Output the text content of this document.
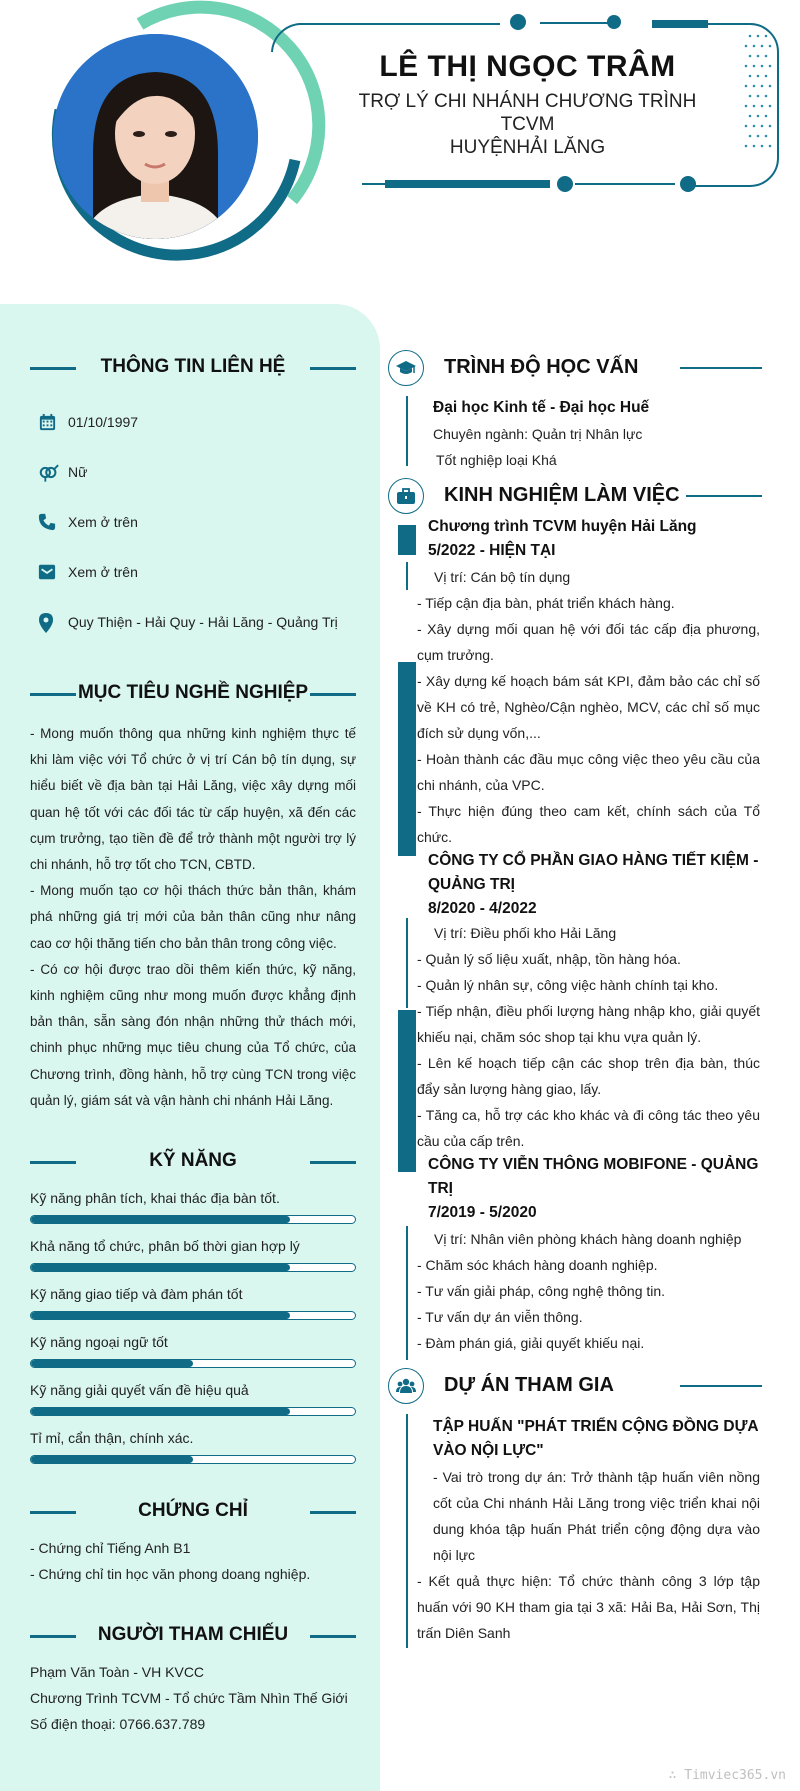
LÊ THỊ NGỌC TRÂM
TRỢ LÝ CHI NHÁNH CHƯƠNG TRÌNH TCVM
HUYỆNHẢI LĂNG
THÔNG TIN LIÊN HỆ
01/10/1997
Nữ
Xem ở trên
Xem ở trên
Quy Thiện - Hải Quy - Hải Lăng - Quảng Trị
MỤC TIÊU NGHỀ NGHIỆP

- Mong muốn thông qua những kinh nghiệm thực tế khi làm việc với Tổ chức ở vị trí Cán bộ tín dụng, sự hiểu biết về địa bàn tại Hải Lăng, việc xây dựng mối quan hệ tốt với các đối tác từ cấp huyện, xã đến các cụm trưởng, tạo tiền đề để trở thành một người trợ lý chi nhánh, hỗ trợ tốt cho TCN, CBTD.

- Mong muốn tạo cơ hội thách thức bản thân, khám phá những giá trị mới của bản thân cũng như nâng cao cơ hội thăng tiến cho bản thân trong công việc.

- Có cơ hội được trao dồi thêm kiến thức, kỹ năng, kinh nghiệm cũng như mong muốn được khẳng định bản thân, sẵn sàng đón nhận những thử thách mới, chinh phục những mục tiêu chung của Tổ chức, của Chương trình, đồng hành, hỗ trợ cùng TCN trong việc quản lý, giám sát và vận hành chi nhánh Hải Lăng.

KỸ NĂNG
Kỹ năng phân tích, khai thác địa bàn tốt.
Khả năng tổ chức, phân bố thời gian hợp lý
Kỹ năng giao tiếp và đàm phán tốt
Kỹ năng ngoại ngữ tốt
Kỹ năng giải quyết vấn đề hiệu quả
Tỉ mỉ, cẩn thận, chính xác.
CHỨNG CHỈ
- Chứng chỉ Tiếng Anh B1
- Chứng chỉ tin học văn phong doang nghiệp.
NGƯỜI THAM CHIẾU
Phạm Văn Toàn - VH KVCC
Chương Trình TCVM - Tổ chức Tầm Nhìn Thế Giới
Số điện thoại: 0766.637.789
TRÌNH ĐỘ HỌC VẤN
Đại học Kinh tế - Đại học Huế
Chuyên ngành: Quản trị Nhân lực
Tốt nghiệp loại Khá
KINH NGHIỆM LÀM VIỆC
Chương trình TCVM huyện Hải Lăng
5/2022 - HIỆN TẠI
Vị trí: Cán bộ tín dụng

- Tiếp cận địa bàn, phát triển khách hàng.

- Xây dựng mối quan hệ với đối tác cấp địa phương, cụm trưởng.

- Xây dựng kế hoạch bám sát KPI, đảm bảo các chỉ số về KH có trẻ, Nghèo/Cận nghèo, MCV, các chỉ số mục đích sử dụng vốn,...

- Hoàn thành các đầu mục công việc theo yêu cầu của chi nhánh, của VPC.

- Thực hiện đúng theo cam kết, chính sách của Tổ chức.

CÔNG TY CỔ PHẦN GIAO HÀNG TIẾT KIỆM -
QUẢNG TRỊ
8/2020 - 4/2022
Vị trí: Điều phối kho Hải Lăng

- Quản lý số liệu xuất, nhập, tồn hàng hóa.

- Quản lý nhân sự, công việc hành chính tại kho.

- Tiếp nhận, điều phối lượng hàng nhập kho, giải quyết khiếu nại, chăm sóc shop tại khu vựa quản lý.

- Lên kế hoạch tiếp cận các shop trên địa bàn, thúc đẩy sản lượng hàng giao, lấy.

- Tăng ca, hỗ trợ các kho khác và đi công tác theo yêu cầu của cấp trên.

CÔNG TY VIỄN THÔNG MOBIFONE - QUẢNG
TRỊ
7/2019 - 5/2020
Vị trí: Nhân viên phòng khách hàng doanh nghiệp

- Chăm sóc khách hàng doanh nghiệp.

- Tư vấn giải pháp, công nghệ thông tin.

- Tư vấn dự án viễn thông.

- Đàm phán giá, giải quyết khiếu nại.

DỰ ÁN THAM GIA
TẬP HUẤN "PHÁT TRIỂN CỘNG ĐỒNG DỰA
VÀO NỘI LỰC"
- Vai trò trong dự án: Trở thành tập huấn viên nồng cốt của Chi nhánh Hải Lăng trong việc triển khai nội dung khóa tập huấn Phát triển cộng động dựa vào nội lực
- Kết quả thực hiện: Tổ chức thành công 3 lớp tập huấn với 90 KH tham gia tại 3 xã: Hải Ba, Hải Sơn, Thị trấn Diên Sanh
∴ Timviec365.vn
